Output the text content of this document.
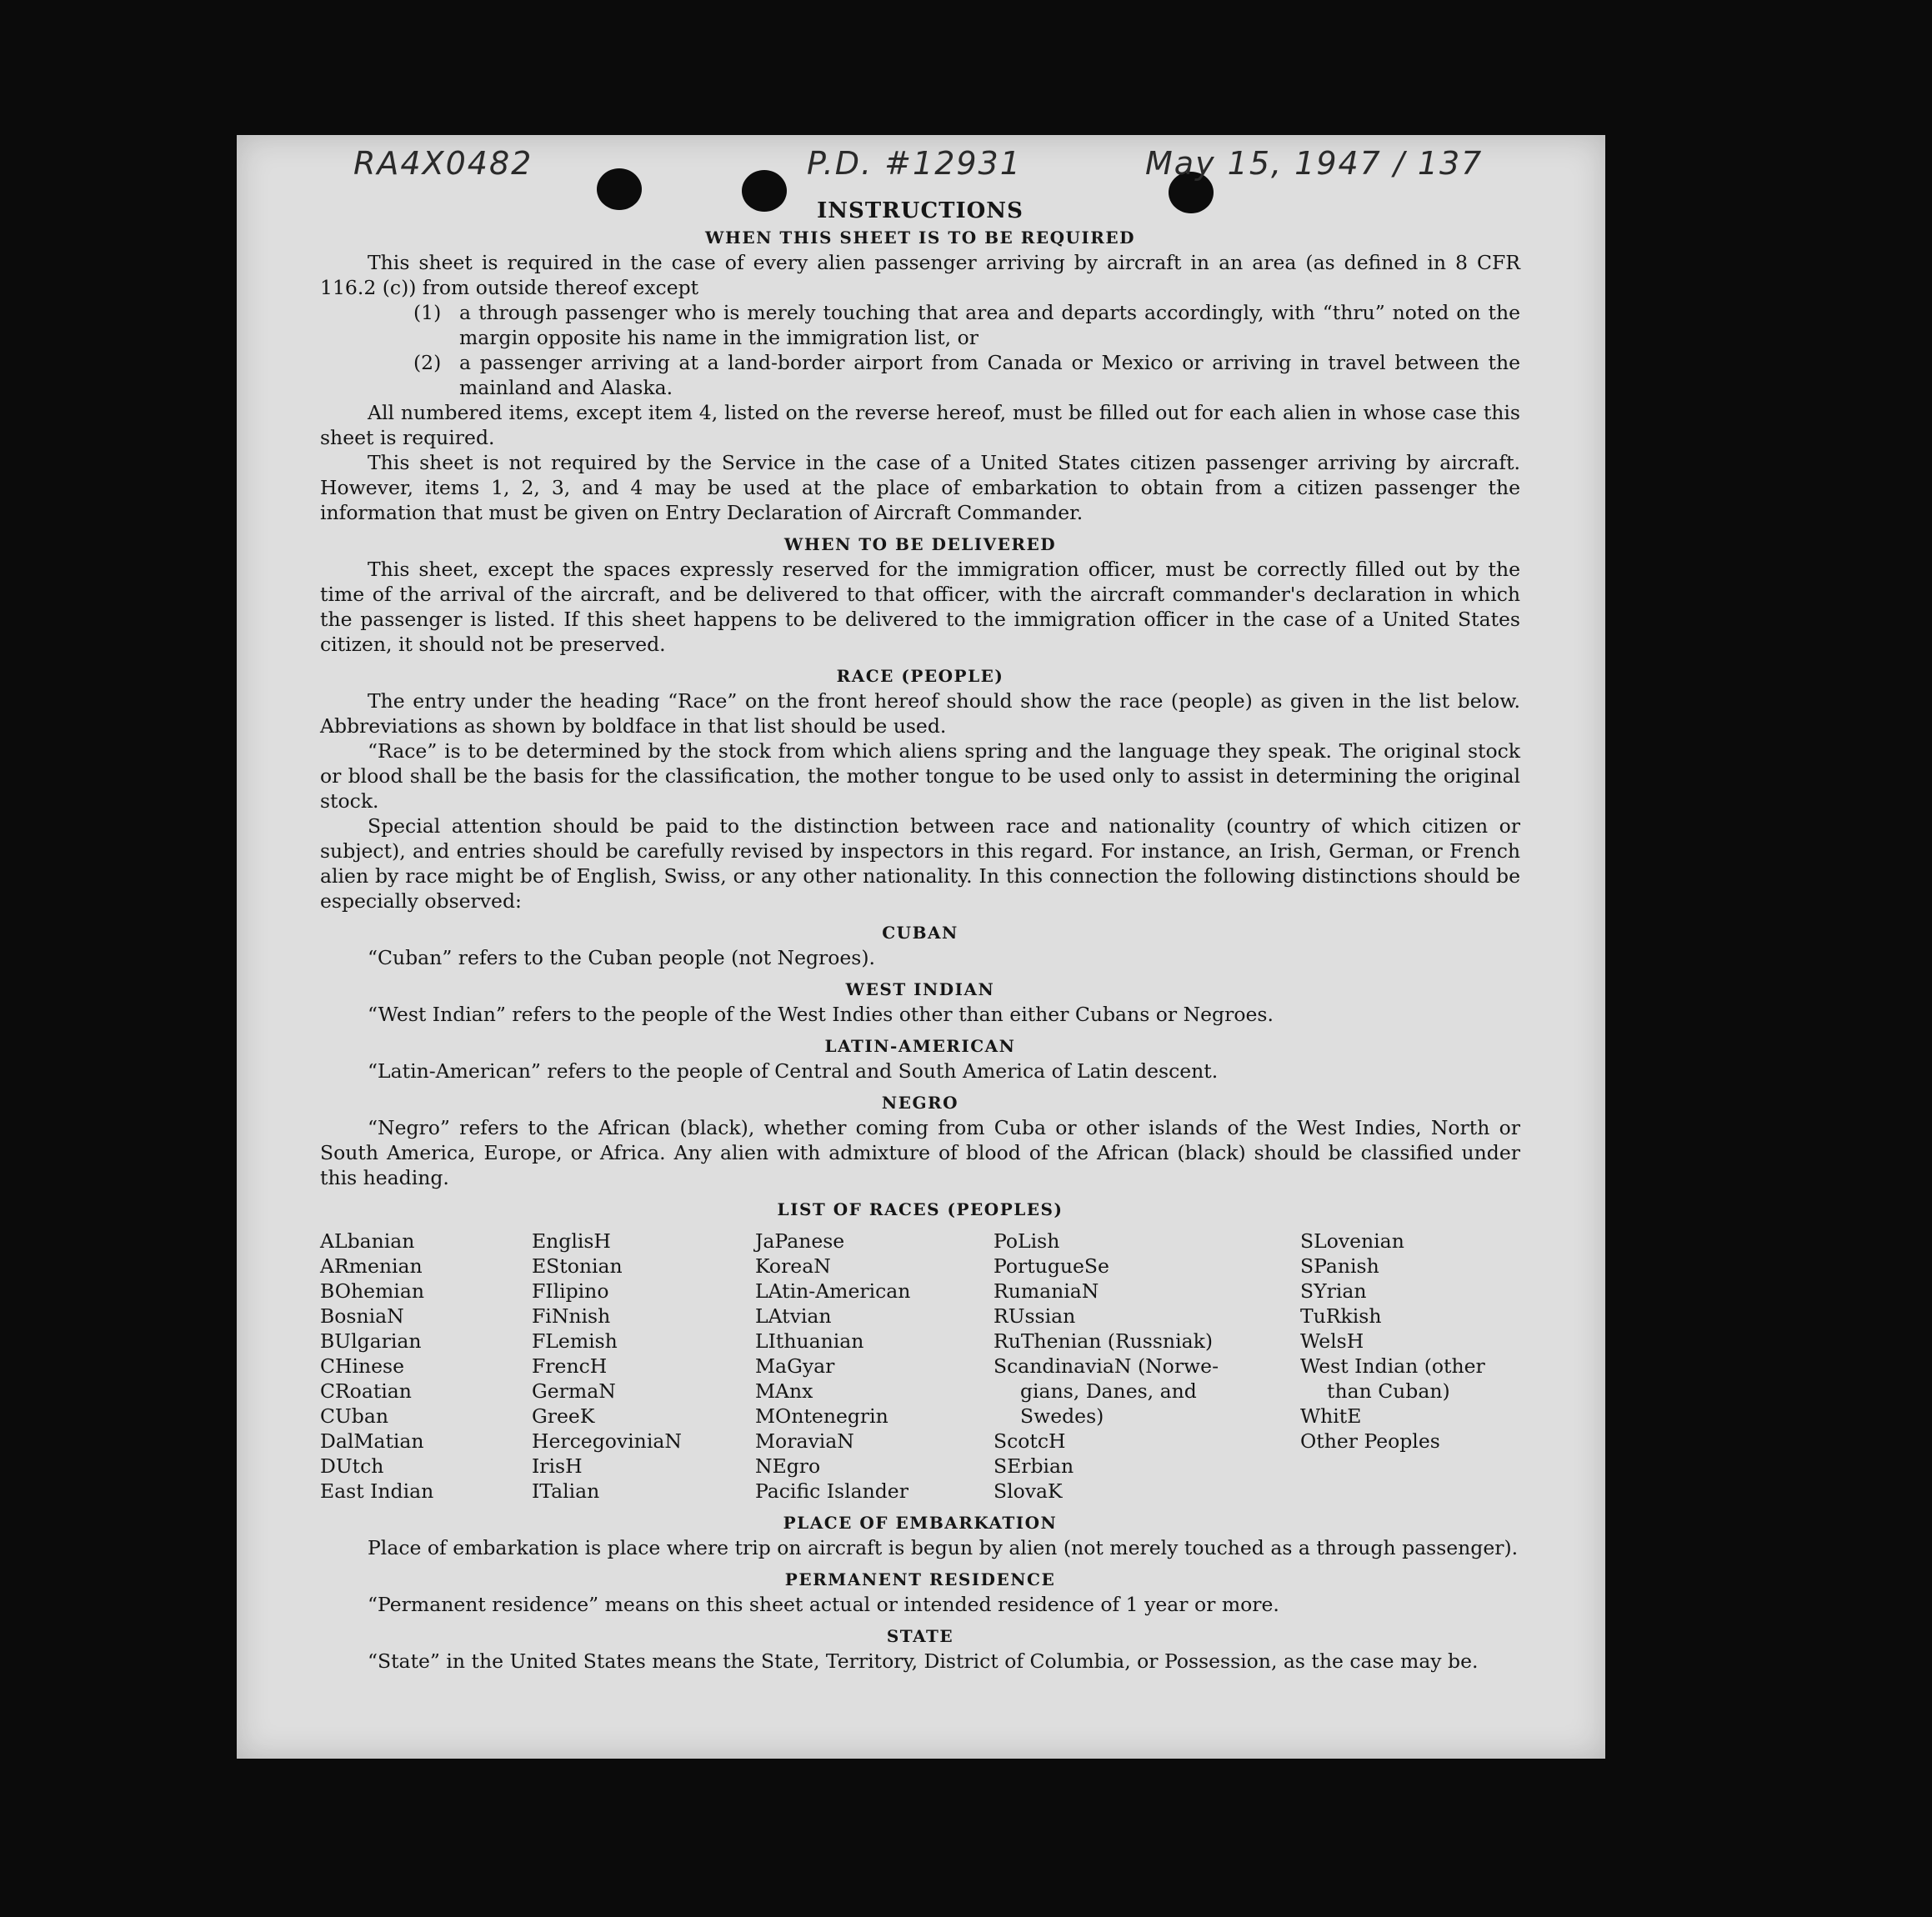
RA4X0482	P.D. #12931	May 15, 1947 / 137

INSTRUCTIONS

WHEN THIS SHEET IS TO BE REQUIRED

This sheet is required in the case of every alien passenger arriving by aircraft in an area (as defined in 8 CFR 116.2 (c)) from outside thereof except

(1) a through passenger who is merely touching that area and departs accordingly, with “thru” noted on the margin opposite his name in the immigration list, or
(2) a passenger arriving at a land-border airport from Canada or Mexico or arriving in travel between the mainland and Alaska.

All numbered items, except item 4, listed on the reverse hereof, must be filled out for each alien in whose case this sheet is required.

This sheet is not required by the Service in the case of a United States citizen passenger arriving by aircraft. However, items 1, 2, 3, and 4 may be used at the place of embarkation to obtain from a citizen passenger the information that must be given on Entry Declaration of Aircraft Commander.

WHEN TO BE DELIVERED

This sheet, except the spaces expressly reserved for the immigration officer, must be correctly filled out by the time of the arrival of the aircraft, and be delivered to that officer, with the aircraft commander's declaration in which the passenger is listed. If this sheet happens to be delivered to the immigration officer in the case of a United States citizen, it should not be preserved.

RACE (PEOPLE)

The entry under the heading “Race” on the front hereof should show the race (people) as given in the list below. Abbreviations as shown by boldface in that list should be used.

“Race” is to be determined by the stock from which aliens spring and the language they speak. The original stock or blood shall be the basis for the classification, the mother tongue to be used only to assist in determining the original stock.

Special attention should be paid to the distinction between race and nationality (country of which citizen or subject), and entries should be carefully revised by inspectors in this regard. For instance, an Irish, German, or French alien by race might be of English, Swiss, or any other nationality. In this connection the following distinctions should be especially observed:

CUBAN

“Cuban” refers to the Cuban people (not Negroes).

WEST INDIAN

“West Indian” refers to the people of the West Indies other than either Cubans or Negroes.

LATIN-AMERICAN

“Latin-American” refers to the people of Central and South America of Latin descent.

NEGRO

“Negro” refers to the African (black), whether coming from Cuba or other islands of the West Indies, North or South America, Europe, or Africa. Any alien with admixture of blood of the African (black) should be classified under this heading.

LIST OF RACES (PEOPLES)

ALbanian
ARmenian
BOhemian
BosniaN
BUlgarian
CHinese
CRoatian
CUban
DalMatian
DUtch
East Indian
EnglisH
EStonian
FIlipino
FiNnish
FLemish
FrencH
GermaN
GreeK
HercegoviniaN
IrisH
ITalian
JaPanese
KoreaN
LAtin-American
LAtvian
LIthuanian
MaGyar
MAnx
MOntenegrin
MoraviaN
NEgro
Pacific Islander
PoLish
PortugueSe
RumaniaN
RUssian
RuThenian (Russniak)
ScandinaviaN (Norwe-
gians, Danes, and
Swedes)
ScotcH
SErbian
SlovaK
SLovenian
SPanish
SYrian
TuRkish
WelsH
West Indian (other
than Cuban)
WhitE
Other Peoples

PLACE OF EMBARKATION

Place of embarkation is place where trip on aircraft is begun by alien (not merely touched as a through passenger).

PERMANENT RESIDENCE

“Permanent residence” means on this sheet actual or intended residence of 1 year or more.

STATE

“State” in the United States means the State, Territory, District of Columbia, or Possession, as the case may be.
